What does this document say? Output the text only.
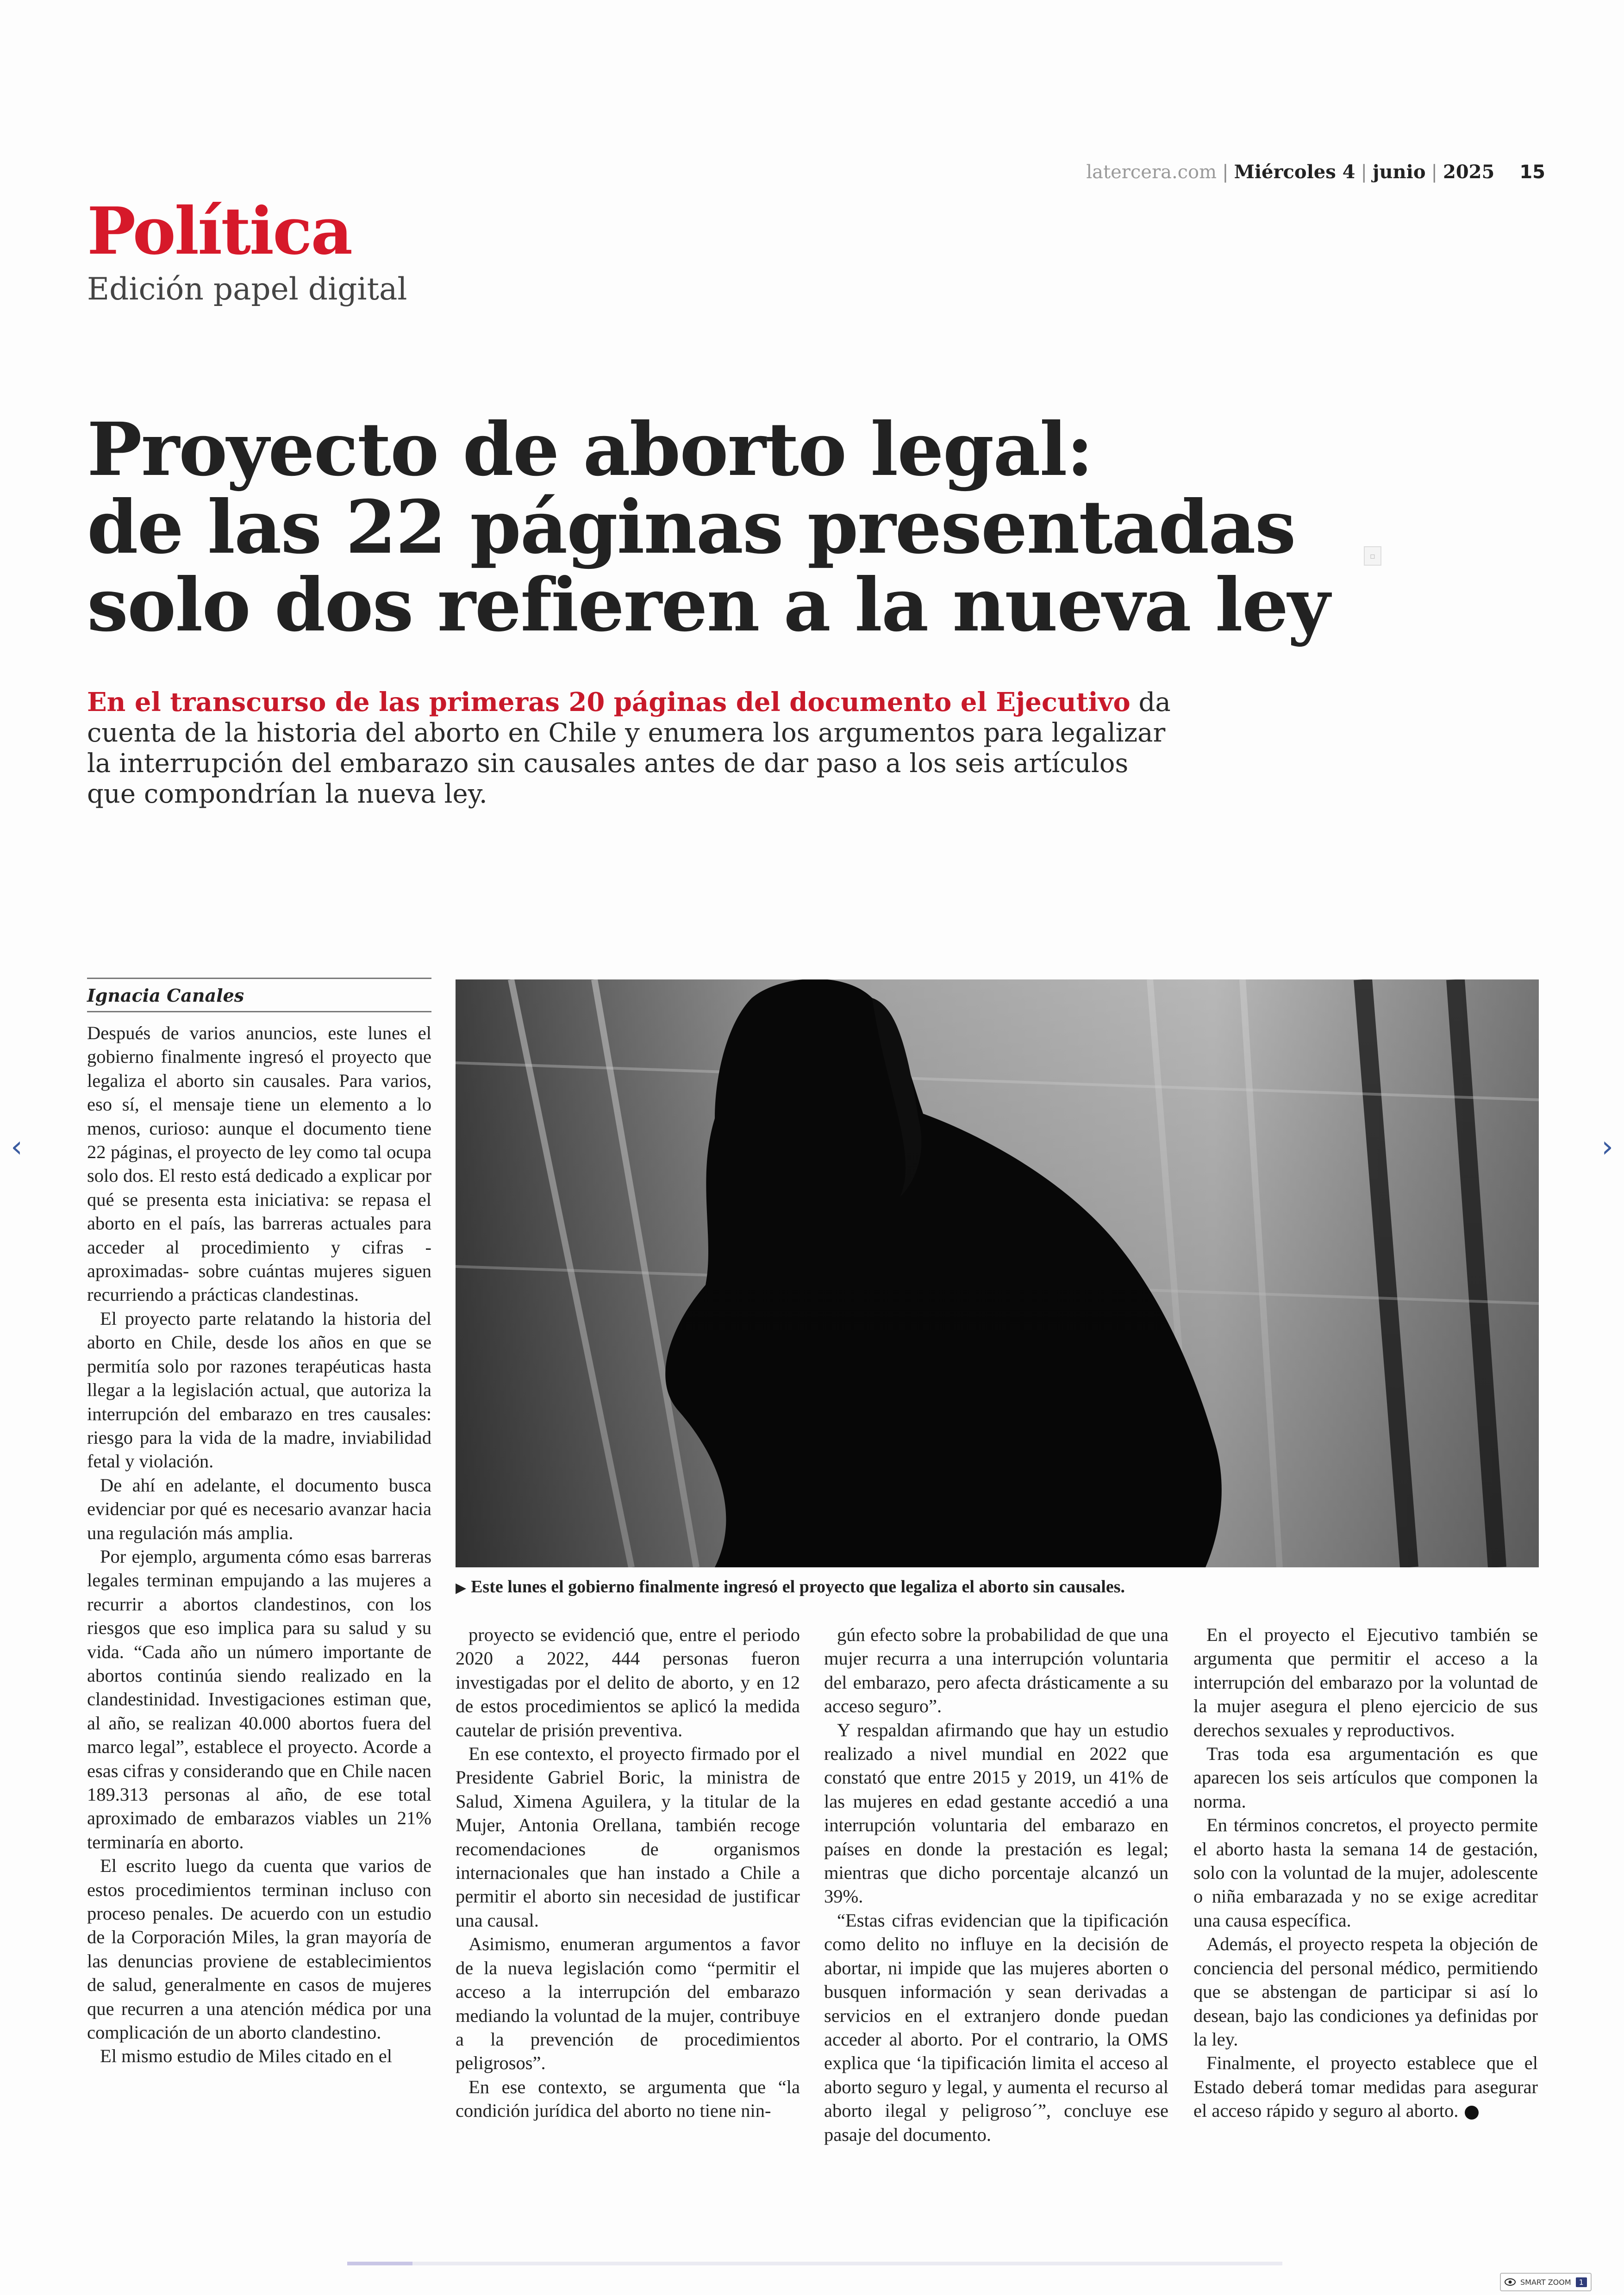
latercera.com | Miércoles 4 | junio | 2025 15
Política
Edición papel digital
Proyecto de aborto legal:
de las 22 páginas presentadas
solo dos refieren a la nueva ley
▫
En el transcurso de las primeras 20 páginas del documento el Ejecutivo da cuenta de la historia del aborto en Chile y enumera los argumentos para legalizar la interrupción del embarazo sin causales antes de dar paso a los seis artículos que compondrían la nueva ley.
Ignacia Canales

Después de varios anuncios, este lunes el gobierno finalmente ingresó el proyecto que legaliza el aborto sin causales. Para varios, eso sí, el mensaje tiene un elemento a lo menos, curioso: aunque el documento tiene 22 páginas, el proyecto de ley como tal ocupa solo dos. El resto está dedicado a explicar por qué se presenta esta iniciativa: se repasa el aborto en el país, las barreras actuales para acceder al procedimiento y cifras -aproximadas- sobre cuántas mujeres siguen recurriendo a prácticas clandestinas.

El proyecto parte relatando la historia del aborto en Chile, desde los años en que se permitía solo por razones terapéuticas hasta llegar a la legislación actual, que autoriza la interrupción del embarazo en tres causales: riesgo para la vida de la madre, inviabilidad fetal y violación.

De ahí en adelante, el documento busca evidenciar por qué es necesario avanzar hacia una regulación más amplia.

Por ejemplo, argumenta cómo esas barreras legales terminan empujando a las mujeres a recurrir a abortos clandestinos, con los riesgos que eso implica para su salud y su vida. “Cada año un número importante de abortos continúa siendo realizado en la clandestinidad. Investigaciones estiman que, al año, se realizan 40.000 abortos fuera del marco legal”, establece el proyecto. Acorde a esas cifras y considerando que en Chile nacen 189.313 personas al año, de ese total aproximado de embarazos viables un 21% terminaría en aborto.

El escrito luego da cuenta que varios de estos procedimientos terminan incluso con proceso penales. De acuerdo con un estudio de la Corporación Miles, la gran mayoría de las denuncias proviene de establecimientos de salud, generalmente en casos de mujeres que recurren a una atención médica por una complicación de un aborto clandestino.

El mismo estudio de Miles citado en el

▶ Este lunes el gobierno finalmente ingresó el proyecto que legaliza el aborto sin causales.

proyecto se evidenció que, entre el periodo 2020 a 2022, 444 personas fueron investigadas por el delito de aborto, y en 12 de estos procedimientos se aplicó la medida cautelar de prisión preventiva.

En ese contexto, el proyecto firmado por el Presidente Gabriel Boric, la ministra de Salud, Ximena Aguilera, y la titular de la Mujer, Antonia Orellana, también recoge recomendaciones de organismos internacionales que han instado a Chile a permitir el aborto sin necesidad de justificar una causal.

Asimismo, enumeran argumentos a favor de la nueva legislación como “permitir el acceso a la interrupción del embarazo mediando la voluntad de la mujer, contribuye a la prevención de procedimientos peligrosos”.

En ese contexto, se argumenta que “la condición jurídica del aborto no tiene nin-

gún efecto sobre la probabilidad de que una mujer recurra a una interrupción voluntaria del embarazo, pero afecta drásticamente a su acceso seguro”.

Y respaldan afirmando que hay un estudio realizado a nivel mundial en 2022 que constató que entre 2015 y 2019, un 41% de las mujeres en edad gestante accedió a una interrupción voluntaria del embarazo en países en donde la prestación es legal; mientras que dicho porcentaje alcanzó un 39%.

“Estas cifras evidencian que la tipificación como delito no influye en la decisión de abortar, ni impide que las mujeres aborten o busquen información y sean derivadas a servicios en el extranjero donde puedan acceder al aborto. Por el contrario, la OMS explica que ‘la tipificación limita el acceso al aborto seguro y legal, y aumenta el recurso al aborto ilegal y peligroso´”, concluye ese pasaje del documento.

En el proyecto el Ejecutivo también se argumenta que permitir el acceso a la interrupción del embarazo por la voluntad de la mujer asegura el pleno ejercicio de sus derechos sexuales y reproductivos.

Tras toda esa argumentación es que aparecen los seis artículos que componen la norma.

En términos concretos, el proyecto permite el aborto hasta la semana 14 de gestación, solo con la voluntad de la mujer, adolescente o niña embarazada y no se exige acreditar una causa específica.

Además, el proyecto respeta la objeción de conciencia del personal médico, permitiendo que se abstengan de participar si así lo desean, bajo las condiciones ya definidas por la ley.

Finalmente, el proyecto establece que el Estado deberá tomar medidas para asegurar el acceso rápido y seguro al aborto.

‹	›
SMART ZOOM	1
